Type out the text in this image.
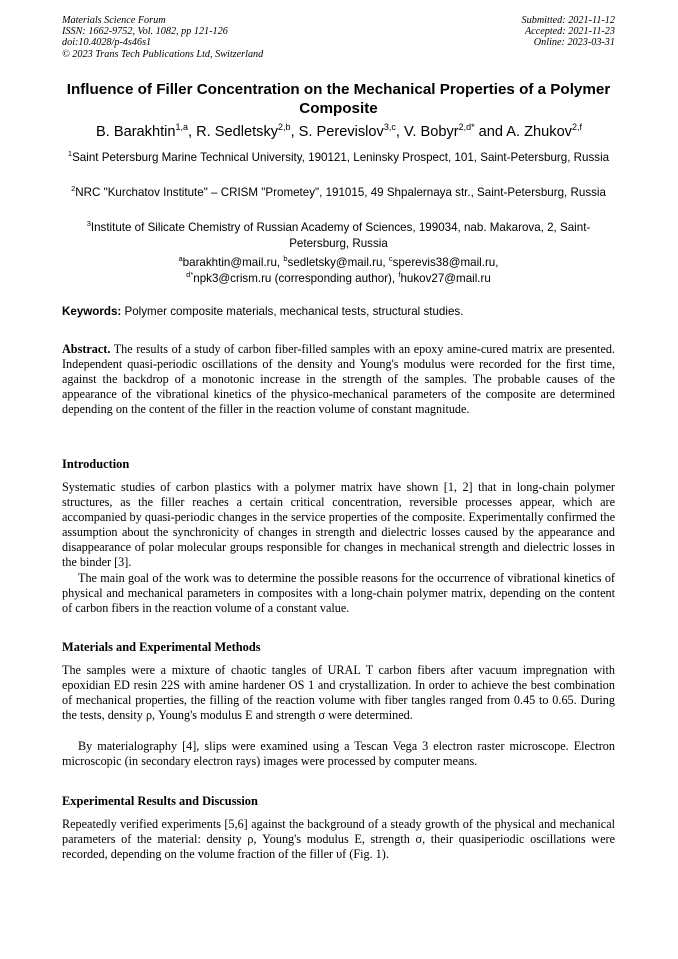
Materials Science Forum
ISSN: 1662-9752, Vol. 1082, pp 121-126
doi:10.4028/p-4s46s1
© 2023 Trans Tech Publications Ltd, Switzerland
Submitted: 2021-11-12
Accepted: 2021-11-23
Online: 2023-03-31
Influence of Filler Concentration on the Mechanical Properties of a Polymer Composite
B. Barakhtin$^{1,a}$, R. Sedletsky$^{2,b}$, S. Perevislov$^{3,c}$, V. Bobyr$^{2,d*}$ and A. Zhukov$^{2,f}$
$^1$Saint Petersburg Marine Technical University, 190121, Leninsky Prospect, 101, Saint-Petersburg, Russia
$^2$NRC "Kurchatov Institute" – CRISM "Prometey", 191015, 49 Shpalernaya str., Saint-Petersburg, Russia
$^3$Institute of Silicate Chemistry of Russian Academy of Sciences, 199034, nab. Makarova, 2, Saint-Petersburg, Russia
$^a$barakhtin@mail.ru, $^b$sedletsky@mail.ru, $^c$sperevis38@mail.ru,
$^{d*}$npk3@crism.ru (corresponding author), $^f$hukov27@mail.ru
Keywords: Polymer composite materials, mechanical tests, structural studies.
Abstract. The results of a study of carbon fiber-filled samples with an epoxy amine-cured matrix are presented. Independent quasi-periodic oscillations of the density and Young's modulus were recorded for the first time, against the backdrop of a monotonic increase in the strength of the samples. The probable causes of the appearance of the vibrational kinetics of the physico-mechanical parameters of the composite are determined depending on the content of the filler in the reaction volume of constant magnitude.
Introduction
Systematic studies of carbon plastics with a polymer matrix have shown [1, 2] that in long-chain polymer structures, as the filler reaches a certain critical concentration, reversible processes appear, which are accompanied by quasi-periodic changes in the service properties of the composite. Experimentally confirmed the assumption about the synchronicity of changes in strength and dielectric losses caused by the appearance and disappearance of polar molecular groups responsible for changes in mechanical strength and dielectric losses in the binder [3].
The main goal of the work was to determine the possible reasons for the occurrence of vibrational kinetics of physical and mechanical parameters in composites with a long-chain polymer matrix, depending on the content of carbon fibers in the reaction volume of a constant value.
Materials and Experimental Methods
The samples were a mixture of chaotic tangles of URAL T carbon fibers after vacuum impregnation with epoxidian ED resin 22S with amine hardener OS 1 and crystallization. In order to achieve the best combination of mechanical properties, the filling of the reaction volume with fiber tangles ranged from 0.45 to 0.65. During the tests, density ρ, Young's modulus E and strength σ were determined.
By materialography [4], slips were examined using a Tescan Vega 3 electron raster microscope. Electron microscopic (in secondary electron rays) images were processed by computer means.
Experimental Results and Discussion
Repeatedly verified experiments [5,6] against the background of a steady growth of the physical and mechanical parameters of the material: density ρ, Young's modulus E, strength σ, their quasiperiodic oscillations were recorded, depending on the volume fraction of the filler υf (Fig. 1).
